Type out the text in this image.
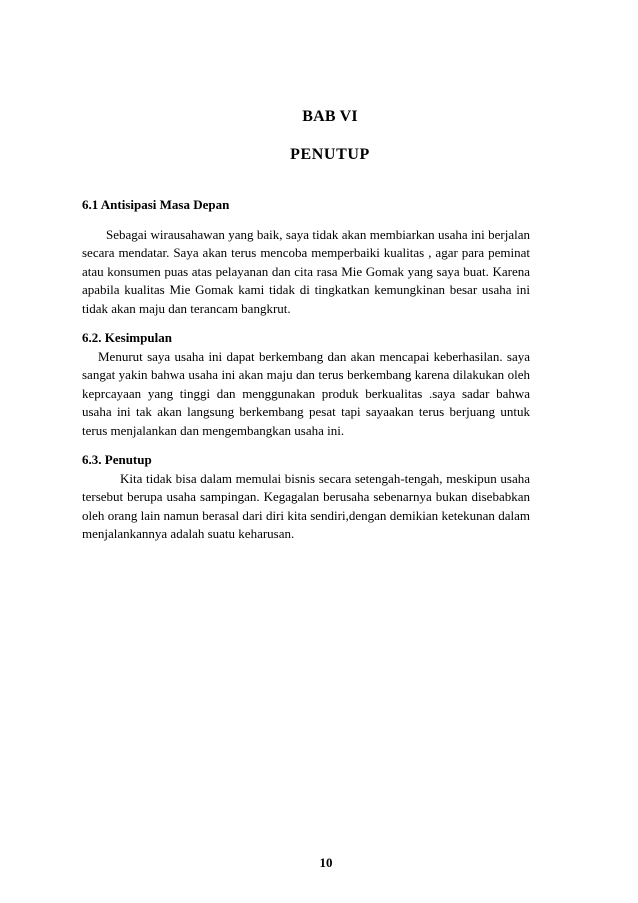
BAB VI
PENUTUP

6.1 Antisipasi Masa Depan

Sebagai wirausahawan yang baik, saya tidak akan membiarkan usaha ini berjalan secara mendatar. Saya akan terus mencoba memperbaiki kualitas , agar para peminat atau konsumen puas atas pelayanan dan cita rasa Mie Gomak yang saya buat. Karena apabila kualitas Mie Gomak kami tidak di tingkatkan kemungkinan besar usaha ini tidak akan maju dan terancam bangkrut.

6.2. Kesimpulan

Menurut saya usaha ini dapat berkembang dan akan mencapai keberhasilan. saya sangat yakin bahwa usaha ini akan maju dan terus berkembang karena dilakukan oleh keprcayaan yang tinggi dan menggunakan produk berkualitas .saya sadar bahwa usaha ini tak akan langsung berkembang pesat tapi sayaakan terus berjuang untuk terus menjalankan dan mengembangkan usaha ini.

6.3. Penutup

Kita tidak bisa dalam memulai bisnis secara setengah-tengah, meskipun usaha tersebut berupa usaha sampingan. Kegagalan berusaha sebenarnya bukan disebabkan oleh orang lain namun berasal dari diri kita sendiri,dengan demikian ketekunan dalam menjalankannya adalah suatu keharusan.

10
